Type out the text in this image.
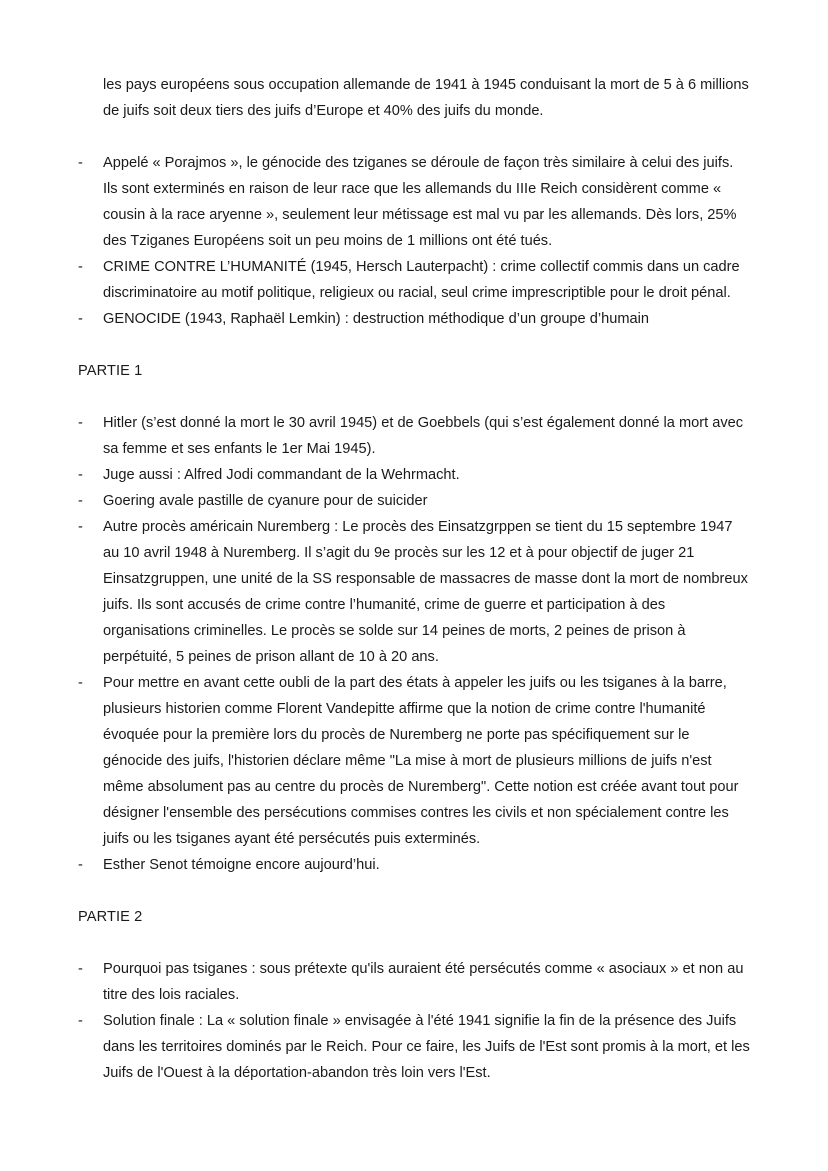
les pays européens sous occupation allemande de 1941 à 1945 conduisant la mort de 5 à 6 millions de juifs soit deux tiers des juifs d’Europe et 40% des juifs du monde.

-	Appelé « Porajmos », le génocide des tziganes se déroule de façon très similaire à celui des juifs. Ils sont exterminés en raison de leur race que les allemands du IIIe Reich considèrent comme « cousin à la race aryenne », seulement leur métissage est mal vu par les allemands. Dès lors, 25% des Tziganes Européens soit un peu moins de 1 millions ont été tués.
-	CRIME CONTRE L’HUMANITÉ (1945, Hersch Lauterpacht) : crime collectif commis dans un cadre discriminatoire au motif politique, religieux ou racial, seul crime imprescriptible pour le droit pénal.
-	GENOCIDE (1943, Raphaël Lemkin) : destruction méthodique d’un groupe d’humain

PARTIE 1

-	Hitler (s’est donné la mort le 30 avril 1945) et de Goebbels (qui s’est également donné la mort avec sa femme et ses enfants le 1er Mai 1945).
-	Juge aussi : Alfred Jodi commandant de la Wehrmacht.
-	Goering avale pastille de cyanure pour de suicider
-	Autre procès américain Nuremberg : Le procès des Einsatzgrppen se tient du 15 septembre 1947 au 10 avril 1948 à Nuremberg. Il s’agit du 9e procès sur les 12 et à pour objectif de juger 21 Einsatzgruppen, une unité de la SS responsable de massacres de masse dont la mort de nombreux juifs. Ils sont accusés de crime contre l’humanité, crime de guerre et participation à des organisations criminelles. Le procès se solde sur 14 peines de morts, 2 peines de prison à perpétuité, 5 peines de prison allant de 10 à 20 ans.
-	Pour mettre en avant cette oubli de la part des états à appeler les juifs ou les tsiganes à la barre, plusieurs historien comme Florent Vandepitte affirme que la notion de crime contre l'humanité évoquée pour la première lors du procès de Nuremberg ne porte pas spécifiquement sur le génocide des juifs, l'historien déclare même "La mise à mort de plusieurs millions de juifs n'est même absolument pas au centre du procès de Nuremberg". Cette notion est créée avant tout pour désigner l'ensemble des persécutions commises contres les civils et non spécialement contre les juifs ou les tsiganes ayant été persécutés puis exterminés.
-	Esther Senot témoigne encore aujourd’hui.

PARTIE 2

-	Pourquoi pas tsiganes : sous prétexte qu'ils auraient été persécutés comme « asociaux » et non au titre des lois raciales.
-	Solution finale : La « solution finale » envisagée à l'été 1941 signifie la fin de la présence des Juifs dans les territoires dominés par le Reich. Pour ce faire, les Juifs de l'Est sont promis à la mort, et les Juifs de l'Ouest à la déportation-abandon très loin vers l'Est.
